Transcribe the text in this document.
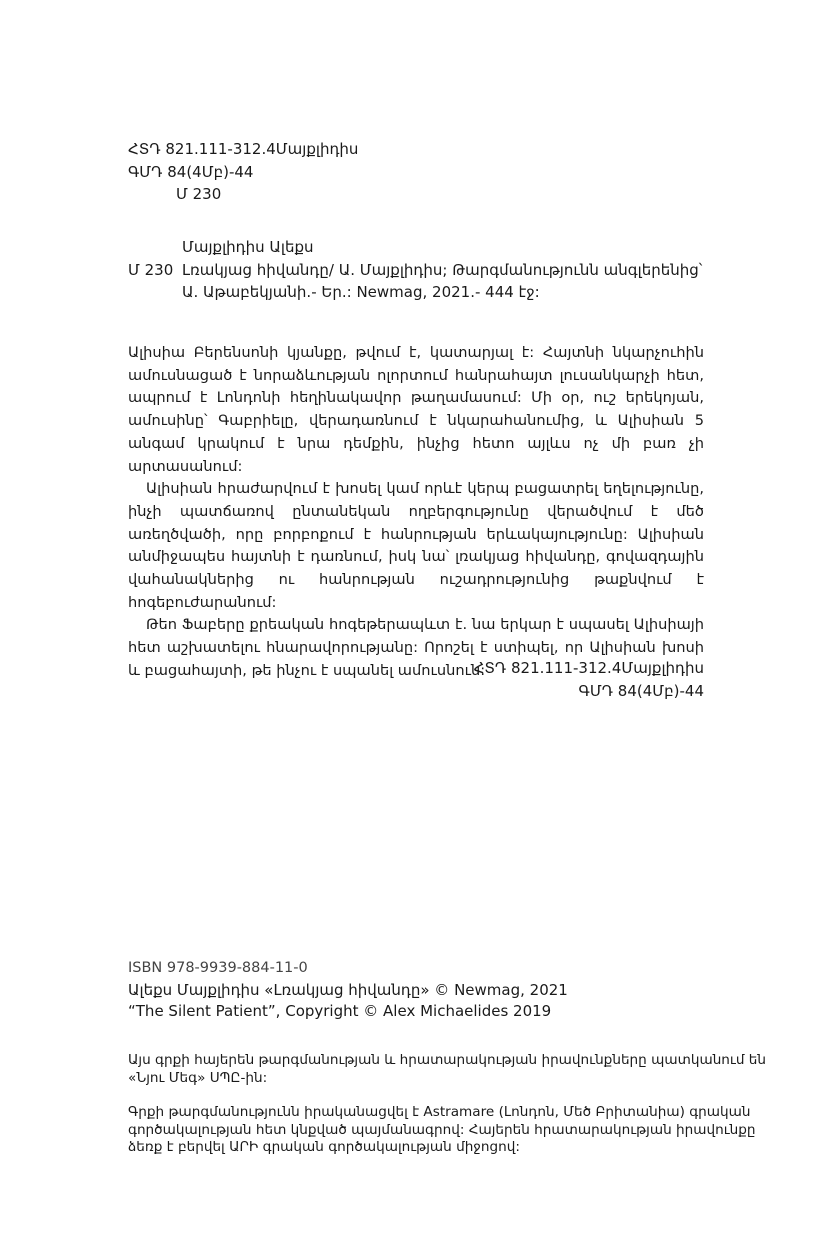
ՀՏԴ 821.111-312.4Մայքլիդիս
ԳՄԴ 84(4Մբ)-44
Մ 230
Մայքլիդիս Ալեքս
Մ 230 Լռակյաց հիվանդը/ Ա. Մայքլիդիս; Թարգմանությունն անգլերենից՝
Ա. Աթաբեկյանի.- Եր.: Newmag, 2021.- 444 էջ:

Ալիսիա Բերենսոնի կյանքը, թվում է, կատարյալ է: Հայտնի նկարչուհին ամուսնացած է նորաձևության ոլորտում հանրահայտ լուսանկարչի հետ, ապրում է Լոնդոնի հեղինակավոր թաղամասում: Մի օր, ուշ երեկոյան, ամուսինը՝ Գաբրիելը, վերադառնում է նկարահանումից, և Ալիսիան 5 անգամ կրակում է նրա դեմքին, ինչից հետո այլևս ոչ մի բառ չի արտասանում:

Ալիսիան հրաժարվում է խոսել կամ որևէ կերպ բացատրել եղելությունը, ինչի պատճառով ընտանեկան ողբերգությունը վերածվում է մեծ առեղծվածի, որը բորբոքում է հանրության երևակայությունը: Ալիսիան անմիջապես հայտնի է դառնում, իսկ նա՝ լռակյաց հիվանդը, գովազդային վահանակներից ու հանրության ուշադրությունից թաքնվում է հոգեբուժարանում:

Թեո Ֆաբերը քրեական հոգեթերապևտ է. նա երկար է սպասել Ալիսիայի հետ աշխատելու հնարավորությանը: Որոշել է ստիպել, որ Ալիսիան խոսի և բացահայտի, թե ինչու է սպանել ամուսնուն:

ՀՏԴ 821.111-312.4Մայքլիդիս
ԳՄԴ 84(4Մբ)-44
ISBN 978-9939-884-11-0
Ալեքս Մայքլիդիս «Լռակյաց հիվանդը» © Newmag, 2021
“The Silent Patient”, Copyright © Alex Michaelides 2019

Այս գրքի հայերեն թարգմանության և հրատարակության իրավունքները պատկանում են «Նյու Մեգ» ՍՊԸ-ին:

Գրքի թարգմանությունն իրականացվել է Astramare (Լոնդոն, Մեծ Բրիտանիա) գրական գործակալության հետ կնքված պայմանագրով: Հայերեն հրատարակության իրավունքը ձեռք է բերվել ԱՐԻ գրական գործակալության միջոցով:
